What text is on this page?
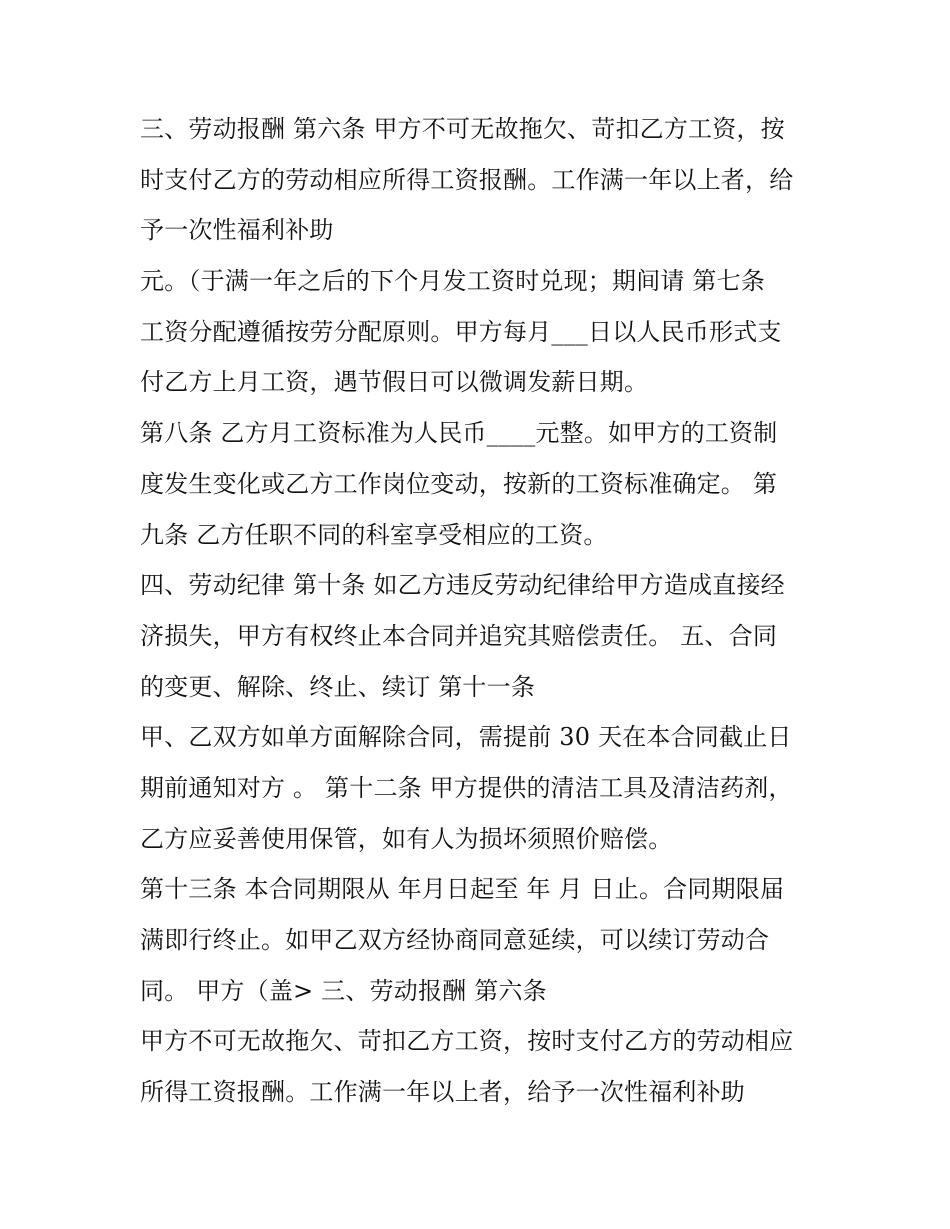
三、劳动报酬 第六条 甲方不可无故拖欠、苛扣乙方工资，按
时支付乙方的劳动相应所得工资报酬。工作满一年以上者，给
予一次性福利补助
元。（于满一年之后的下个月发工资时兑现；期间请 第七条
工资分配遵循按劳分配原则。甲方每月___日以人民币形式支
付乙方上月工资，遇节假日可以微调发薪日期。
第八条 乙方月工资标准为人民币____元整。如甲方的工资制
度发生变化或乙方工作岗位变动，按新的工资标准确定。 第
九条 乙方任职不同的科室享受相应的工资。
四、劳动纪律 第十条 如乙方违反劳动纪律给甲方造成直接经
济损失，甲方有权终止本合同并追究其赔偿责任。 五、合同
的变更、解除、终止、续订 第十一条
甲、乙双方如单方面解除合同，需提前 30 天在本合同截止日
期前通知对方 。 第十二条 甲方提供的清洁工具及清洁药剂，
乙方应妥善使用保管，如有人为损坏须照价赔偿。
第十三条 本合同期限从 年月日起至 年 月 日止。合同期限届
满即行终止。如甲乙双方经协商同意延续，可以续订劳动合
同。 甲方（盖> 三、劳动报酬 第六条
甲方不可无故拖欠、苛扣乙方工资，按时支付乙方的劳动相应
所得工资报酬。工作满一年以上者，给予一次性福利补助
